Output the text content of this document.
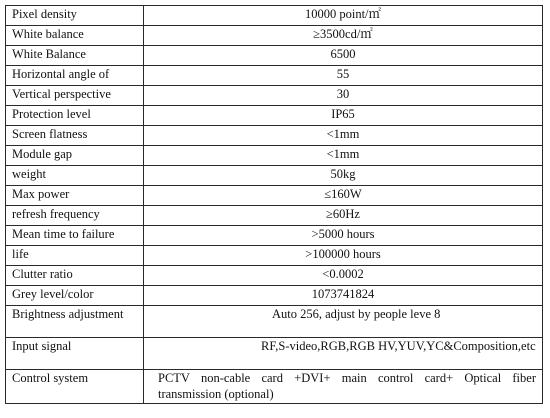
Pixel density	10000 point/㎡
White balance	≥3500cd/㎡
White Balance	6500
Horizontal angle of	55
Vertical perspective	30
Protection level	IP65
Screen flatness	<1mm
Module gap	<1mm
weight	50kg
Max power	≤160W
refresh frequency	≥60Hz
Mean time to failure	>5000 hours
life	>100000 hours
Clutter ratio	<0.0002
Grey level/color	1073741824
Brightness adjustment	Auto 256, adjust by people leve 8
Input signal	RF,S-video,RGB,RGB HV,YUV,YC&Composition,etc
Control system	PCTV non-cable card +DVI+ main control card+ Optical fiber transmission (optional)
